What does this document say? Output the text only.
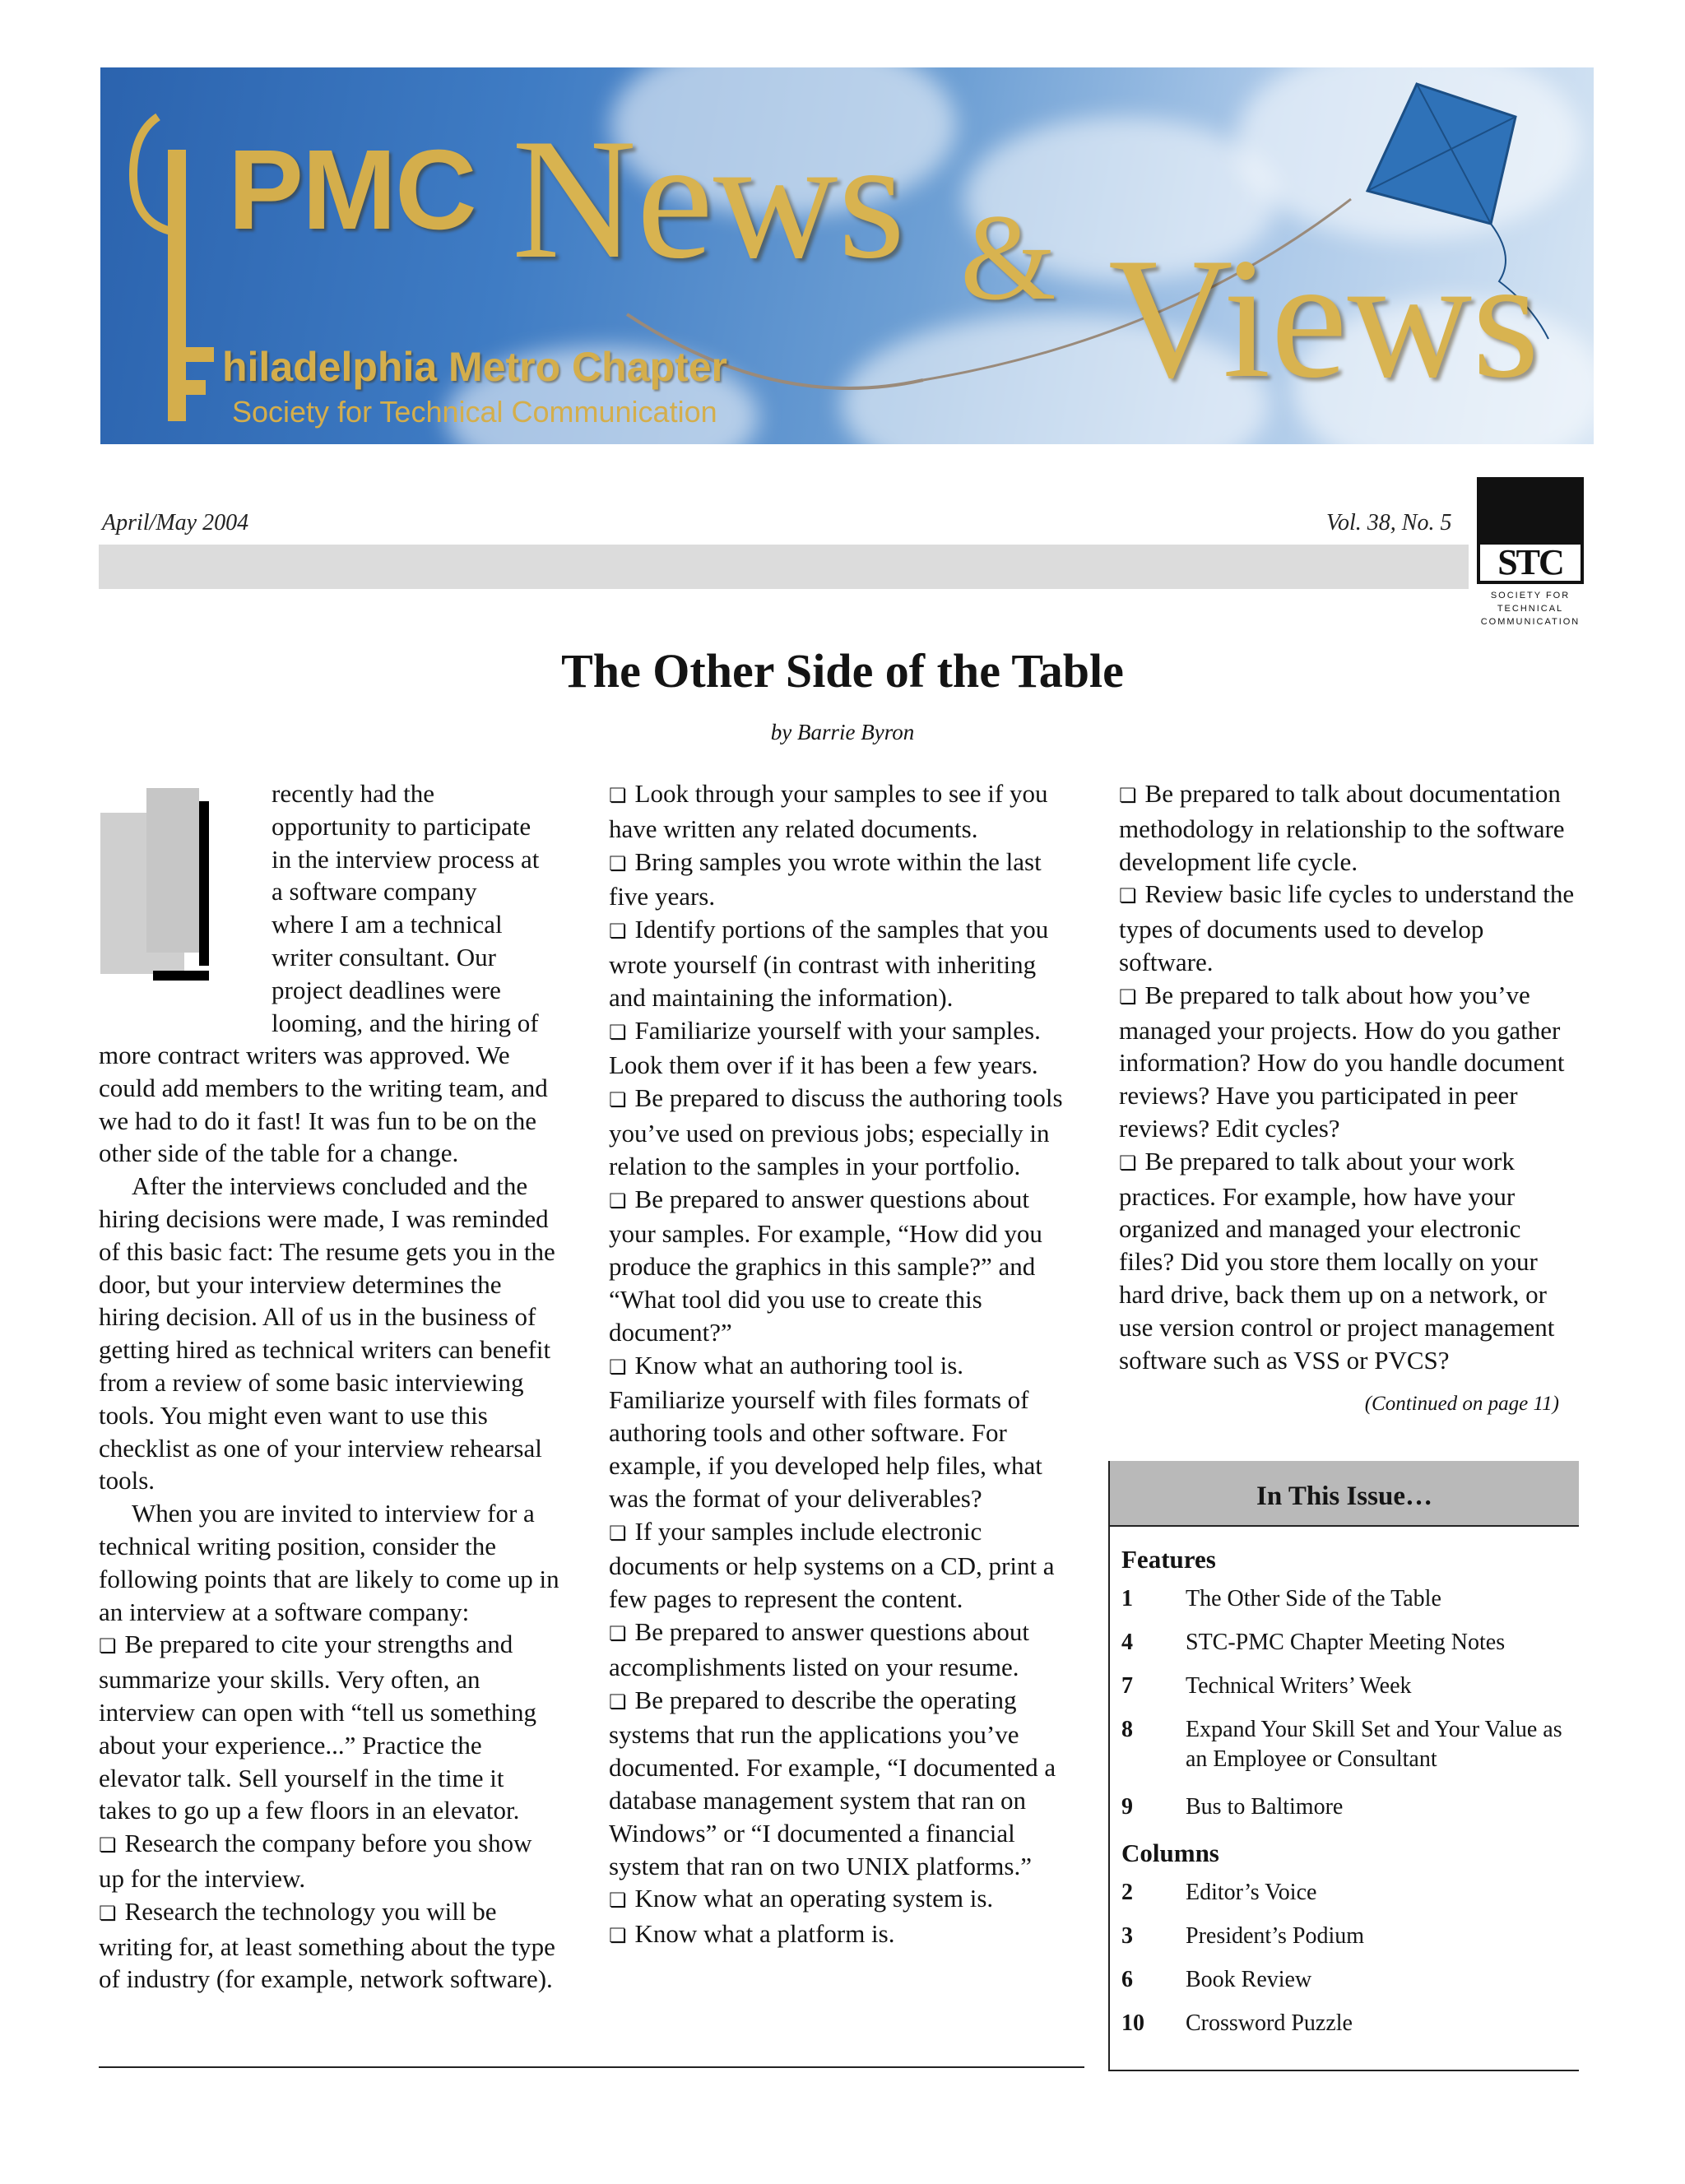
PMC News & Views
hiladelphia Metro Chapter
Society for Technical Communication
April/May 2004	Vol. 38, No. 5
STC
SOCIETY FOR
TECHNICAL
COMMUNICATION
The Other Side of the Table
by Barrie Byron
recently had the
opportunity to participate
in the interview process at
a software company
where I am a technical
writer consultant. Our
project deadlines were
looming, and the hiring of

more contract writers was approved. We could add members to the writing team, and we had to do it fast! It was fun to be on the other side of the table for a change.

After the interviews concluded and the hiring decisions were made, I was reminded of this basic fact: The resume gets you in the door, but your interview determines the hiring decision. All of us in the business of getting hired as technical writers can benefit from a review of some basic interviewing tools. You might even want to use this checklist as one of your interview rehearsal tools.

When you are invited to interview for a technical writing position, consider the following points that are likely to come up in an interview at a software company:

❏ Be prepared to cite your strengths and summarize your skills. Very often, an interview can open with “tell us something about your experience...” Practice the elevator talk. Sell yourself in the time it takes to go up a few floors in an elevator.

❏ Research the company before you show up for the interview.

❏ Research the technology you will be writing for, at least something about the type of industry (for example, network software).

❏ Look through your samples to see if you have written any related documents.

❏ Bring samples you wrote within the last five years.

❏ Identify portions of the samples that you wrote yourself (in contrast with inheriting and maintaining the information).

❏ Familiarize yourself with your samples. Look them over if it has been a few years.

❏ Be prepared to discuss the authoring tools you’ve used on previous jobs; especially in relation to the samples in your portfolio.

❏ Be prepared to answer questions about your samples. For example, “How did you produce the graphics in this sample?” and “What tool did you use to create this document?”

❏ Know what an authoring tool is. Familiarize yourself with files formats of authoring tools and other software. For example, if you developed help files, what was the format of your deliverables?

❏ If your samples include electronic documents or help systems on a CD, print a few pages to represent the content.

❏ Be prepared to answer questions about accomplishments listed on your resume.

❏ Be prepared to describe the operating systems that run the applications you’ve documented. For example, “I documented a database management system that ran on Windows” or “I documented a financial system that ran on two UNIX platforms.”

❏ Know what an operating system is.

❏ Know what a platform is.

❏ Be prepared to talk about documentation methodology in relationship to the software development life cycle.

❏ Review basic life cycles to understand the types of documents used to develop software.

❏ Be prepared to talk about how you’ve managed your projects. How do you gather information? How do you handle document reviews? Have you participated in peer reviews? Edit cycles?

❏ Be prepared to talk about your work practices. For example, how have your organized and managed your electronic files? Did you store them locally on your hard drive, back them up on a network, or use version control or project management software such as VSS or PVCS?

(Continued on page 11)
In This Issue…
Features
1	The Other Side of the Table
4	STC-PMC Chapter Meeting Notes
7	Technical Writers’ Week
8	Expand Your Skill Set and Your Value as an Employee or Consultant
9	Bus to Baltimore
Columns
2	Editor’s Voice
3	President’s Podium
6	Book Review
10	Crossword Puzzle
